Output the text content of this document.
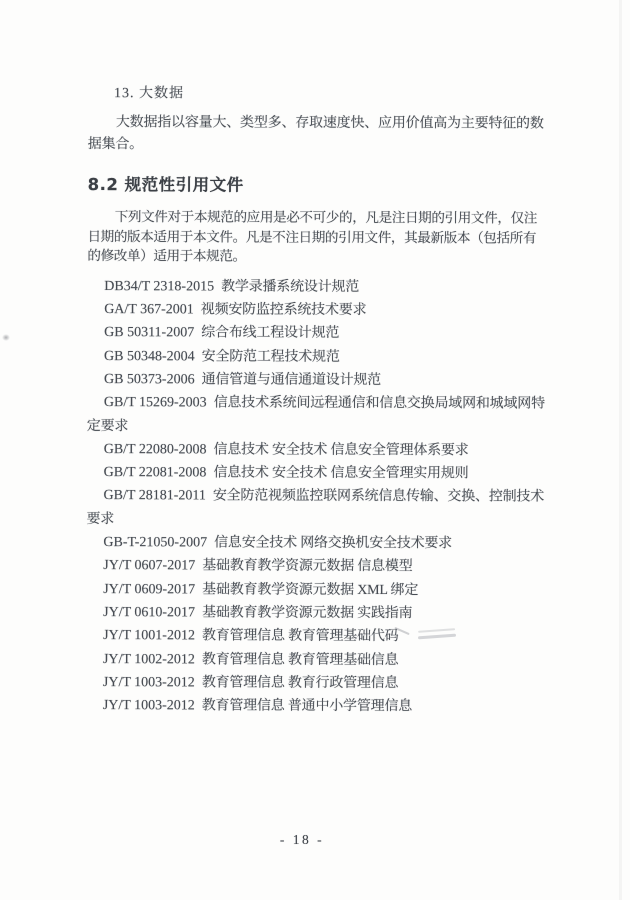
13. 大数据

大数据指以容量大、类型多、存取速度快、应用价值高为主要特征的数据集合。

8.2 规范性引用文件

下列文件对于本规范的应用是必不可少的，凡是注日期的引用文件，仅注日期的版本适用于本文件。凡是不注日期的引用文件，其最新版本（包括所有的修改单）适用于本规范。

DB34/T 2318-2015 教学录播系统设计规范

GA/T 367-2001 视频安防监控系统技术要求

GB 50311-2007 综合布线工程设计规范

GB 50348-2004 安全防范工程技术规范

GB 50373-2006 通信管道与通信通道设计规范

GB/T 15269-2003 信息技术系统间远程通信和信息交换局域网和城域网特定要求

GB/T 22080-2008 信息技术 安全技术 信息安全管理体系要求

GB/T 22081-2008 信息技术 安全技术 信息安全管理实用规则

GB/T 28181-2011 安全防范视频监控联网系统信息传输、交换、控制技术要求

GB-T-21050-2007 信息安全技术 网络交换机安全技术要求

JY/T 0607-2017 基础教育教学资源元数据 信息模型

JY/T 0609-2017 基础教育教学资源元数据 XML 绑定

JY/T 0610-2017 基础教育教学资源元数据 实践指南

JY/T 1001-2012 教育管理信息 教育管理基础代码

JY/T 1002-2012 教育管理信息 教育管理基础信息

JY/T 1003-2012 教育管理信息 教育行政管理信息

JY/T 1003-2012 教育管理信息 普通中小学管理信息

- 18 -
